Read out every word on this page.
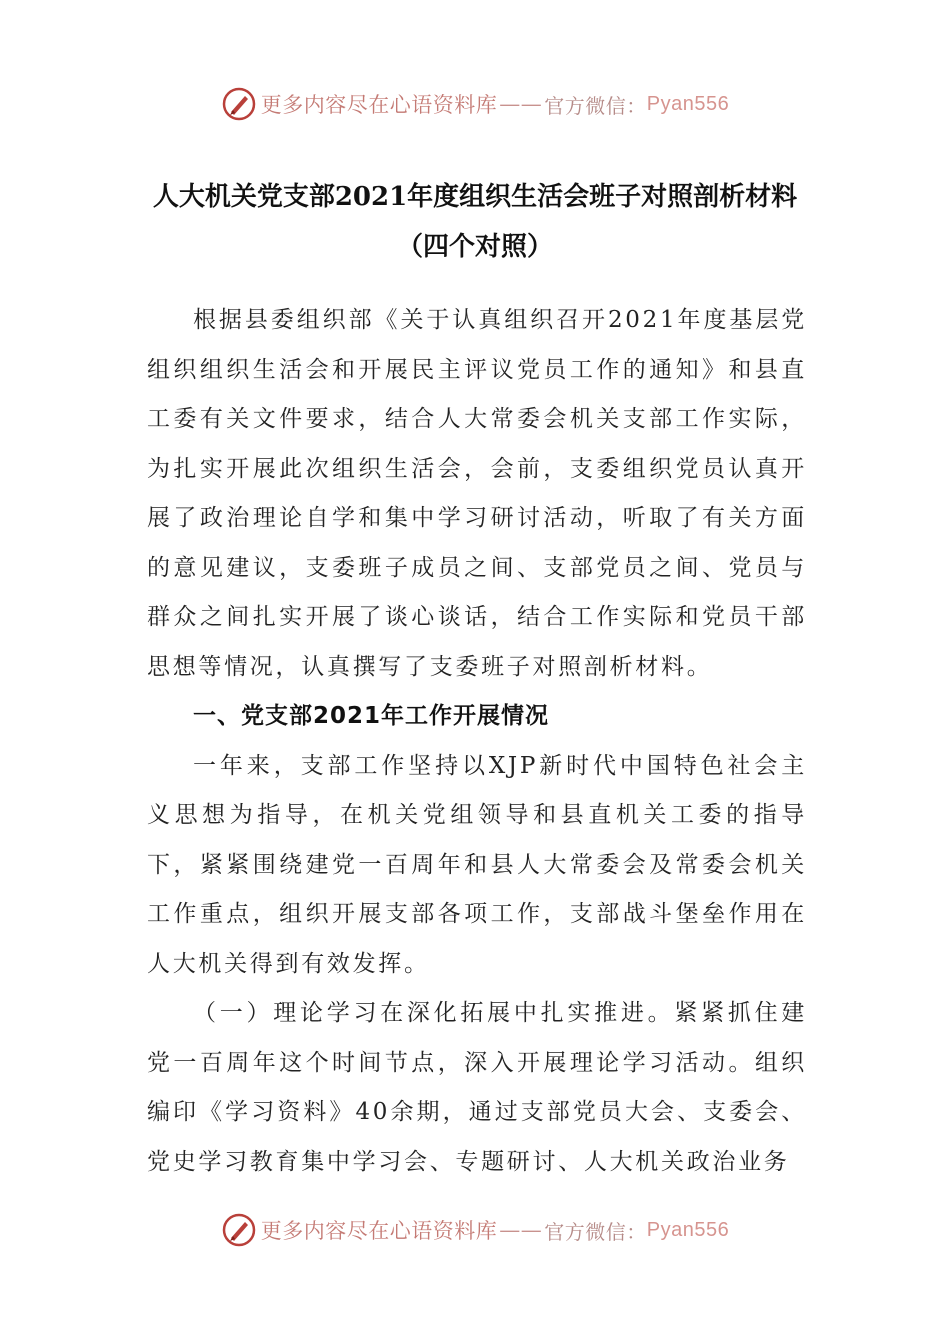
更多内容尽在心语资料库 —— 官方微信： Pyan556
人大机关党支部2021年度组织生活会班子对照剖析材料
（四个对照）

根据县委组织部《关于认真组织召开2021年度基层党组织组织生活会和开展民主评议党员工作的通知》和县直工委有关文件要求，结合人大常委会机关支部工作实际，为扎实开展此次组织生活会，会前，支委组织党员认真开展了政治理论自学和集中学习研讨活动，听取了有关方面的意见建议，支委班子成员之间、支部党员之间、党员与群众之间扎实开展了谈心谈话，结合工作实际和党员干部思想等情况，认真撰写了支委班子对照剖析材料。

一、党支部2021年工作开展情况

一年来，支部工作坚持以XJP新时代中国特色社会主义思想为指导，在机关党组领导和县直机关工委的指导下，紧紧围绕建党一百周年和县人大常委会及常委会机关工作重点，组织开展支部各项工作，支部战斗堡垒作用在人大机关得到有效发挥。

（一）理论学习在深化拓展中扎实推进。紧紧抓住建党一百周年这个时间节点，深入开展理论学习活动。组织编印《学习资料》40余期，通过支部党员大会、支委会、党史学习教育集中学习会、专题研讨、人大机关政治业务

更多内容尽在心语资料库 —— 官方微信： Pyan556
